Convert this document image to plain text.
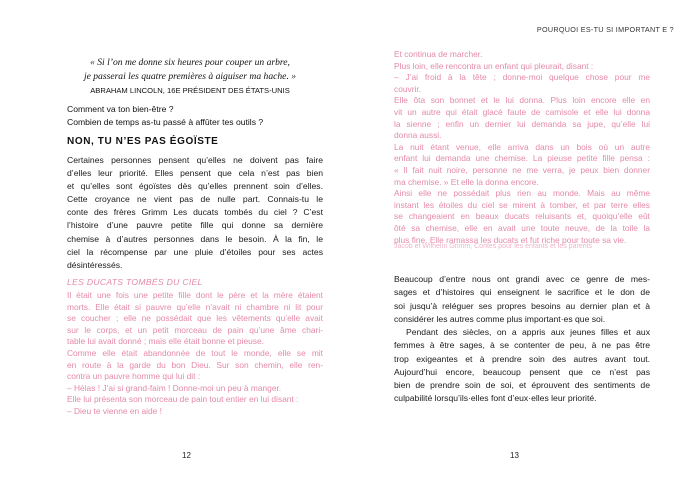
« Si l’on me donne six heures pour couper un arbre,
je passerai les quatre premières à aiguiser ma hache. »
ABRAHAM LINCOLN, 16E PRÉSIDENT DES ÉTATS-UNIS
Comment va ton bien-être ?
Combien de temps as-tu passé à affûter tes outils ?
NON, TU N’ES PAS ÉGOÏSTE
Certaines personnes pensent qu’elles ne doivent pas faire
d’elles leur priorité. Elles pensent que cela n’est pas bien
et qu’elles sont égoïstes dès qu’elles prennent soin d’elles.
Cette croyance ne vient pas de nulle part. Connais-tu le
conte des frères Grimm Les ducats tombés du ciel ? C’est
l’histoire d’une pauvre petite fille qui donne sa dernière
chemise à d’autres personnes dans le besoin. À la fin, le
ciel la récompense par une pluie d’étoiles pour ses actes
désintéressés.
LES DUCATS TOMBÉS DU CIEL
Il était une fois une petite fille dont le père et la mère étaient
morts. Elle était si pauvre qu’elle n’avait ni chambre ni lit pour
se coucher ; elle ne possédait que les vêtements qu’elle avait
sur le corps, et un petit morceau de pain qu’une âme chari-
table lui avait donné ; mais elle était bonne et pieuse.
Comme elle était abandonnée de tout le monde, elle se mit
en route à la garde du bon Dieu. Sur son chemin, elle ren-
contra un pauvre homme qui lui dit :
– Hélas ! J’ai si grand-faim ! Donne-moi un peu à manger.
Elle lui présenta son morceau de pain tout entier en lui disant :
– Dieu te vienne en aide !
12
POURQUOI ES-TU SI IMPORTANT E ?
Et continua de marcher.
Plus loin, elle rencontra un enfant qui pleurait, disant :
– J’ai froid à la tête ; donne-moi quelque chose pour me
couvrir.
Elle ôta son bonnet et le lui donna. Plus loin encore elle en
vit un autre qui était glacé faute de camisole et elle lui donna
la sienne ; enfin un dernier lui demanda sa jupe, qu’elle lui
donna aussi.
La nuit étant venue, elle arriva dans un bois où un autre
enfant lui demanda une chemise. La pieuse petite fille pensa :
« Il fait nuit noire, personne ne me verra, je peux bien donner
ma chemise. » Et elle la donna encore.
Ainsi elle ne possédait plus rien au monde. Mais au même
instant les étoiles du ciel se mirent à tomber, et par terre elles
se changeaient en beaux ducats reluisants et, quoiqu’elle eût
ôté sa chemise, elle en avait une toute neuve, de la toile la
plus fine. Elle ramassa les ducats et fut riche pour toute sa vie.
Jacob et Wilhelm Grimm, Contes pour les enfants et les parents
Beaucoup d’entre nous ont grandi avec ce genre de mes-
sages et d’histoires qui enseignent le sacrifice et le don de
soi jusqu’à reléguer ses propres besoins au dernier plan et à
considérer les autres comme plus important·es que soi.
Pendant des siècles, on a appris aux jeunes filles et aux
femmes à être sages, à se contenter de peu, à ne pas être
trop exigeantes et à prendre soin des autres avant tout.
Aujourd’hui encore, beaucoup pensent que ce n’est pas
bien de prendre soin de soi, et éprouvent des sentiments de
culpabilité lorsqu’ils·elles font d’eux·elles leur priorité.
13
